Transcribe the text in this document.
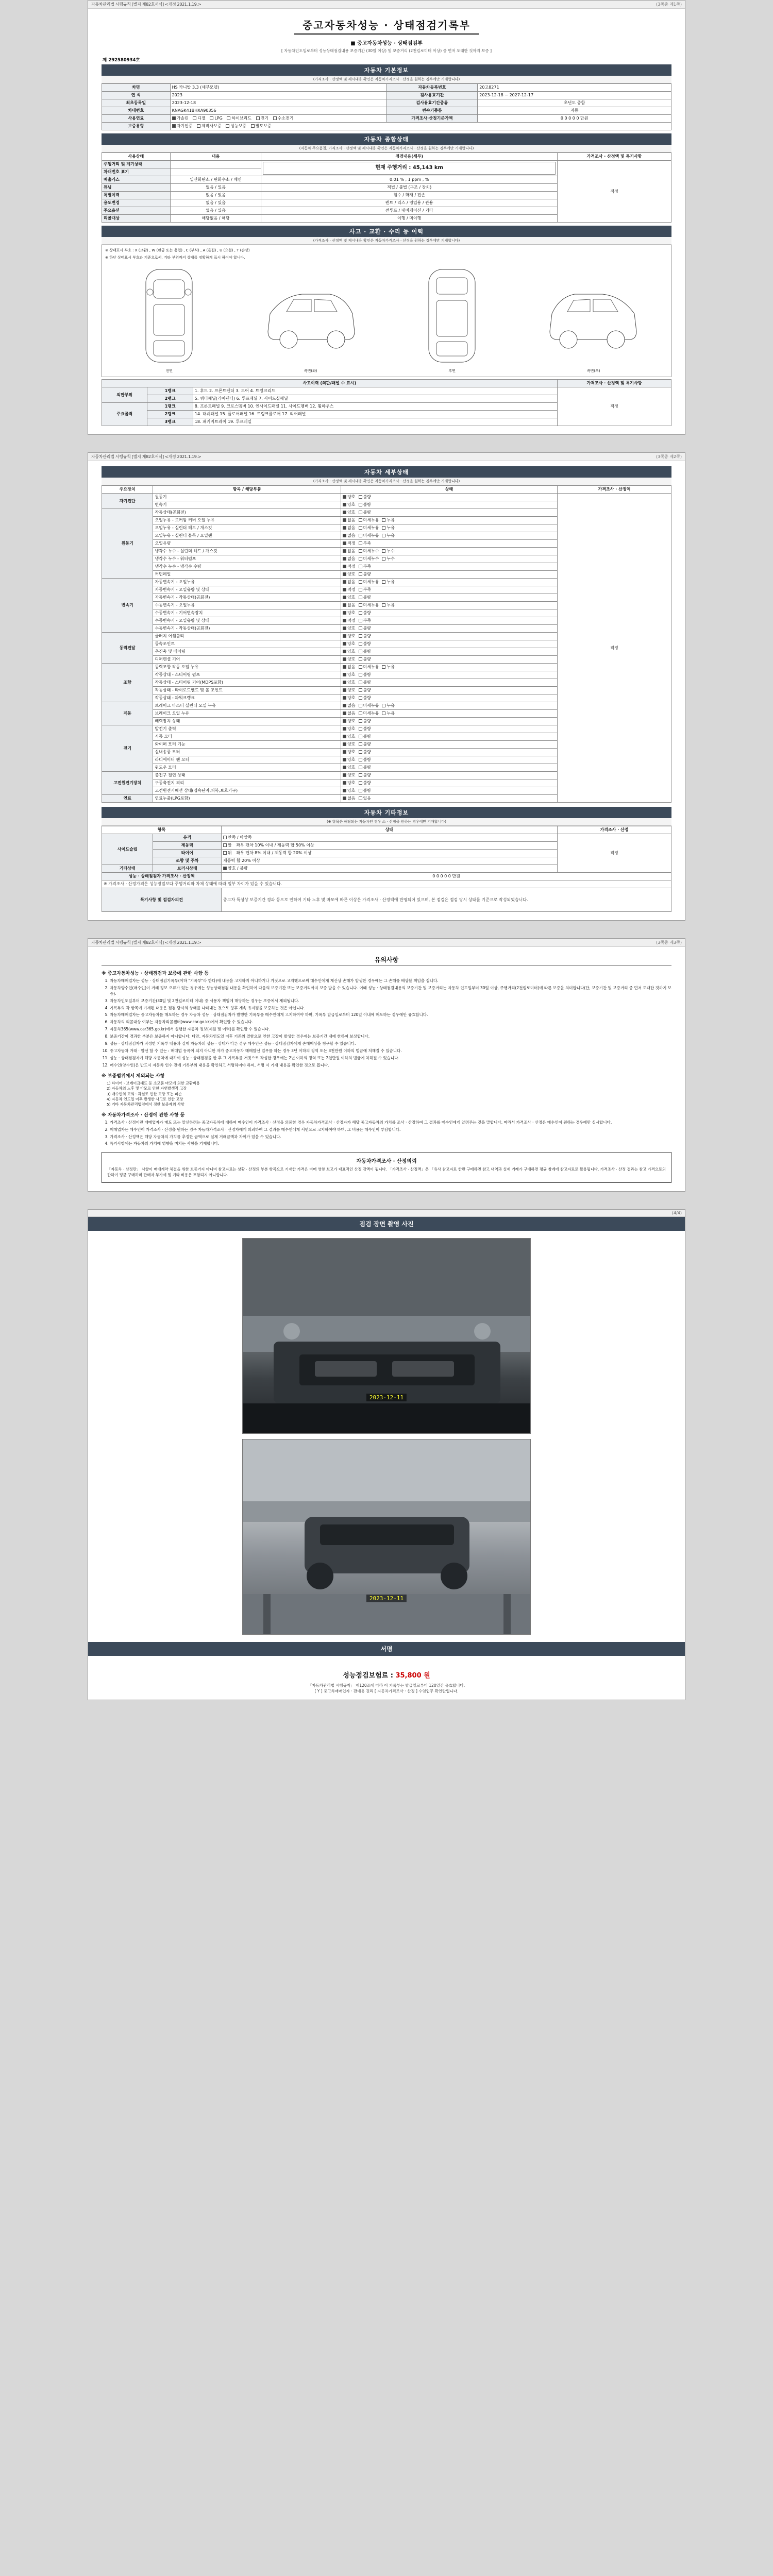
자동차관리법 시행규칙 [별지 제82호서식] <개정 2021.1.19.>	(3쪽중 제1쪽)
중고자동차성능 · 상태점검기록부
■ 중고자동차성능 · 상태점검부
[ 자동차인도일로부터 성능상태점검내용 보증기간 (30일 이상) 및 보증거리 (2천킬로미터 이상) 중 먼저 도래한 것까지 보증 ]
제 292580934호
자동차 기본정보
(가격조사 · 산정액 및 제시내용 확인은 자동차가격조사 · 산정을 원하는 경우에만 기재합니다)
차명	HS 카니발 3.3 (세부모델)	자동차등록번호	20고8271
연 식	2023	검사유효기간	2023-12-18 ~ 2027-12-17
최초등록일	2023-12-18	검사유효기간종류	초년도 종합
차대번호	KNAGK41BHXA90356	변속기종류	자동
사용연료	가솔린 디젤 LPG 하이브리드 전기 수소전기	가격조사·산정기준가액	0 0 0 0 0 만원
보증유형	자기인증 제작사보증 성능보증 별도보증		
자동차 종합상태
(자동차 주요품질, 가격조사 · 산정액 및 제시내용 확인은 자동차가격조사 · 산정을 원하는 경우에만 기재합니다)
사용상태	내용	점검내용(세부)	가격조사 · 산정액 및 특기사항
주행거리 및 계기상태		현재 주행거리 : 45,143 km	적정
차대번호 표기			
배출가스	일산화탄소 / 탄화수소 / 매연	0.01 % , 1 ppm , %	
튜닝	없음 / 있음	적법 / 불법 (구조 / 장치)	
특별이력	없음 / 있음	침수 / 화재 / 전손	
용도변경	없음 / 있음	렌트 / 리스 / 영업용 / 관용	
주요옵션	없음 / 있음	썬루프 / 내비게이션 / 기타	
리콜대상	해당없음 / 해당	이행 / 미이행	
사고 · 교환 · 수리 등 이력
(가격조사 · 산정액 및 제시내용 확인은 자동차가격조사 · 산정을 원하는 경우에만 기재합니다)
※ 상태표시 부호 : X (교환) , W (판금 또는 용접) , C (부식) , A (흠집) , U (요철) , T (손상)
※ 하단 상태표시 부호와 기준으로써, 기타 부위까지 상태를 정확하게 표시 하여야 합니다.
전면	측면(좌)	후면	측면(우)
사고이력 (외판/패널 수 표시)			가격조사 · 산정액 및 특기사항
외판부위	1랭크	1. 후드 2. 프론트펜더 3. 도어 4. 트렁크리드	적정
	2랭크	5. 쿼터패널(리어펜더) 6. 루프패널 7. 사이드실패널	
주요골격	1랭크	8. 프론트패널 9. 크로스멤버 10. 인사이드패널 11. 사이드멤버 12. 휠하우스	
	2랭크	14. 대쉬패널 15. 플로어패널 16. 트렁크플로어 17. 리어패널	
	3랭크	18. 패키지트레이 19. 루프레일	
자동차관리법 시행규칙 [별지 제82호서식] <개정 2021.1.19.>	(3쪽중 제2쪽)
자동차 세부상태
(가격조사 · 산정액 및 제시내용 확인은 자동차가격조사 · 산정을 원하는 경우에만 기재합니다)
주요장치	항목 / 해당부품	상태	가격조사 · 산정액
자기진단	원동기	양호 불량	적정
	변속기	양호 불량	
원동기	작동상태(공회전)	양호 불량	
	오일누유 - 로커암 커버 오일 누유	없음 미세누유 누유	
	오일누유 - 실린더 헤드 / 개스킷	없음 미세누유 누유	
	오일누유 - 실린더 블록 / 오일팬	없음 미세누유 누유	
	오일유량	적정 부족	
	냉각수 누수 - 실린더 헤드 / 개스킷	없음 미세누수 누수	
	냉각수 누수 - 워터펌프	없음 미세누수 누수	
	냉각수 누수 - 냉각수 수량	적정 부족	
	커먼레일	양호 불량	
변속기	자동변속기 - 오일누유	없음 미세누유 누유	
	자동변속기 - 오일유량 및 상태	적정 부족	
	자동변속기 - 작동상태(공회전)	양호 불량	
	수동변속기 - 오일누유	없음 미세누유 누유	
	수동변속기 - 기어변속장치	양호 불량	
	수동변속기 - 오일유량 및 상태	적정 부족	
	수동변속기 - 작동상태(공회전)	양호 불량	
동력전달	클러치 어셈블리	양호 불량	
	등속조인트	양호 불량	
	추진축 및 베어링	양호 불량	
	디퍼렌셜 기어	양호 불량	
조향	동력조향 작동 오일 누유	없음 미세누유 누유	
	작동상태 - 스티어링 펌프	양호 불량	
	작동상태 - 스티어링 기어(MDPS포함)	양호 불량	
	작동상태 - 타이로드엔드 및 볼 조인트	양호 불량	
	작동상태 - 파워크랭크	양호 불량	
제동	브레이크 마스터 실린더 오일 누유	없음 미세누유 누유	
	브레이크 오일 누유	없음 미세누유 누유	
	배력장치 상태	양호 불량	
전기	발전기 출력	양호 불량	
	시동 모터	양호 불량	
	와이퍼 모터 기능	양호 불량	
	실내송풍 모터	양호 불량	
	라디에이터 팬 모터	양호 불량	
	윈도우 모터	양호 불량	
고전원전기장치	충전구 절연 상태	양호 불량	
	구동축전지 격리	양호 불량	
	고전원전기배선 상태(접속단자,피복,보호기구)	양호 불량	
연료	연료누출(LPG포함)	없음 있음	
자동차 기타정보
(※ 항목은 해당되는 자동차인 경우 소 · 산정을 원하는 경우에만 기재합니다)
항목		상태	가격조사 · 산정
사이드슬립	유격	안쪽 / 바깥쪽	적정
	제동력	앞 좌우 편차 10% 이내 / 제동력 합 50% 이상	
	타이어	뒤 좌우 편차 8% 이내 / 제동력 합 20% 이상	
	조향 및 주차	제동력 합 20% 이상	
기타상태	브러시상태	양호 / 불량	
성능 · 상태점검자 가격조사 · 산정액		0 0 0 0 0 만원	
※ 가격조사 · 산정가격은 성능정밀보다 주행거리와 차체 상태에 따라 일부 차이가 있을 수 있습니다.			
특기사항 및 점검자의견		중고차 특성상 보증기간 경과 등으로 인하여 기타 노후 및 마모에 따른 이상은 가격조사 · 산정액에 반영되어 있으며, 본 점검은 점검 당시 상태를 기준으로 작성되었습니다.	
자동차관리법 시행규칙 [별지 제82호서식] <개정 2021.1.19.>	(3쪽중 제3쪽)
유의사항
※ 중고자동차성능 · 상태점검과 보증에 관한 사항 등
1. 자동차매매업자는 성능 · 상태점검기록부(이하 "기록부"라 한다)에 내용을 고지하지 아니하거나 거짓으로 고지했으로써 매수인에게 재산상 손해가 발생한 경우에는 그 손해를 배상할 책임을 집니다.
2. 자동차양수인(매수인)이 거래 정보 오류가 있는 경우에는 성능상태점검 내용을 확인하여 다음의 보증기간 또는 보증거리까지 보증 받을 수 있습니다. 이때 성능 · 상태점검내용의 보증기간 및 보증거리는 자동차 인도일부터 30일 이상, 주행거리(2천킬로미터)에 따른 보증을 의미합니다(단, 보증기간 및 보증거리 중 먼저 도래한 것까지 보증).
3. 자동차인도일부터 보증기간(30일 및 2천킬로미터 이내) 중 사용자 책임에 해당하는 경우는 보증에서 제외됩니다.
4. 기록부의 각 항목에 기재된 내용은 점검 당시의 상태를 나타내는 것으로 향후 계속 유지됨을 보증하는 것은 아닙니다.
5. 자동차매매업자는 중고자동차를 매도하는 경우 자동차 성능 · 상태점검자가 발행한 기록부를 매수인에게 고지하여야 하며, 기록부 발급일로부터 120일 이내에 매도하는 경우에만 유효합니다.
6. 자동차의 리콜대상 여부는 자동차리콜센터(www.car.go.kr)에서 확인할 수 있습니다.
7. 자동차365(www.car365.go.kr)에서 실행한 자동차 정보(제원 및 이력)를 확인할 수 있습니다.
8. 보증기간이 경과한 부분은 보증하지 아니합니다. 다만, 자동차인도일 이후 기존의 결함으로 인한 고장이 발생한 경우에는 보증기간 내에 한하여 보상합니다.
9. 성능 · 상태점검자가 작성한 기록부 내용과 실제 자동차의 성능 · 상태가 다른 경우 매수인은 성능 · 상태점검자에게 손해배상을 청구할 수 있습니다.
10. 중고자동차 거래 · 알선 할 수 있는 : 매매업 등록이 되지 아니한 자가 중고자동차 매매알선 업무를 하는 경우 3년 이하의 징역 또는 3천만원 이하의 벌금에 처해질 수 있습니다.
11. 성능 · 상태점검자가 해당 자동차에 대하여 성능 · 상태점검을 한 후 그 기록부를 거짓으로 작성한 경우에는 2년 이하의 징역 또는 2천만원 이하의 벌금에 처해질 수 있습니다.
12. 매수인(양수인)은 반드시 자동차 인수 전에 기록부의 내용을 확인하고 서명하여야 하며, 서명 시 기재 내용을 확인한 것으로 봅니다.
※ 보증범위에서 제외되는 사항
1) 타이어ㆍ브레이크패드 등 소모품 마모에 의한 교환비용
2) 자동차의 노후 및 마모로 인한 자연발생적 고장
3) 매수인의 고의ㆍ과실로 인한 고장 또는 파손
4) 자동차 인도일 이후 발생한 사고로 인한 고장
5) 기타 자동차관리법령에서 정한 보증제외 사항
※ 자동차가격조사 · 산정에 관한 사항 등
1. 가격조사 · 산정이란 매매업자가 매도 또는 알선하려는 중고자동차에 대하여 매수인이 가격조사 · 산정을 의뢰한 경우 자동차가격조사 · 산정자가 해당 중고자동차의 가치를 조사 · 산정하여 그 결과를 매수인에게 알려주는 것을 말합니다. 따라서 가격조사 · 산정은 매수인이 원하는 경우에만 실시합니다.
2. 매매업자는 매수인이 가격조사 · 산정을 원하는 경우 자동차가격조사 · 산정자에게 의뢰하여 그 결과를 매수인에게 서면으로 고지하여야 하며, 그 비용은 매수인이 부담합니다.
3. 가격조사 · 산정액은 해당 자동차의 가치를 추정한 금액으로 실제 거래금액과 차이가 있을 수 있습니다.
4. 특기사항에는 자동차의 가치에 영향을 미치는 사항을 기재합니다.
자동차가격조사 · 산정의뢰

「자동차 · 산정란」 사항이 매매계약 체결을 위한 보증거지 아니며 참고자료는 상황 · 산정의 부분 항목으로 기재한 가격은 비매 영향 보고가 대표적인 산정 감액이 됩니다. 「가격조사 · 산정액」은 「유사 참고자료 한판 구매하면 참고 내역과 실제 거래가 구매하면 평균 참계에 참고자료로 활용됩니다. 가격조사 · 산정 결과는 참고 가격으로의 한하여 평균 구매하며 판매자 부가세 및 기타 비용은 포함되지 아니합니다.

(4/4)
점검 장면 촬영 사진
2023-12-11
2023-12-11
서명

성능점검보험료 : 35,800 원
「자동차관리법 시행규칙」 제120조에 따라 이 기록부는 발급일로부터 120일간 유효합니다.
[ Y ] 중고차매매업자 · 판매용 권리 [ 자동차가격조사 · 산정 ] 수임업무 확인란입니다.
